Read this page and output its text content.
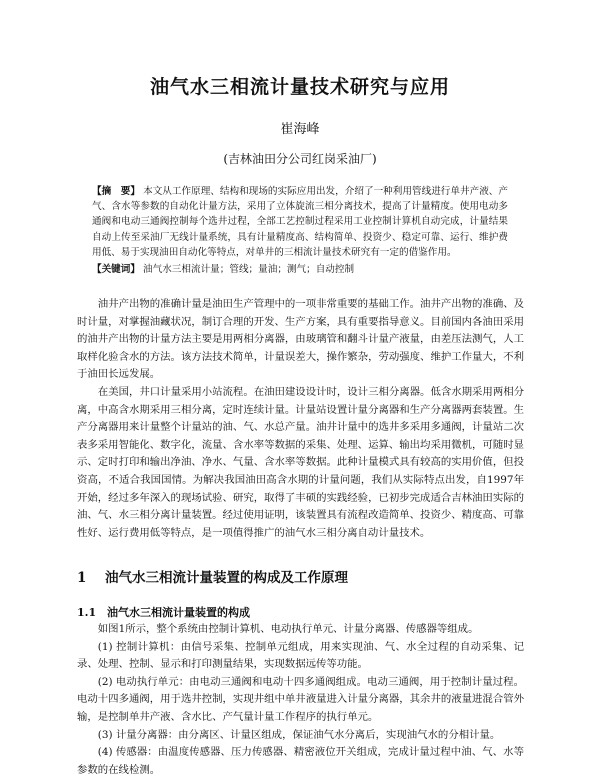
油气水三相流计量技术研究与应用
崔海峰
(吉林油田分公司红岗采油厂)
【摘　要】 本文从工作原理、结构和现场的实际应用出发，介绍了一种利用管线进行单井产液、产气、含水等参数的自动化计量方法，采用了立体旋流三相分离技术，提高了计量精度。使用电动多通阀和电动三通阀控制每个选井过程，全部工艺控制过程采用工业控制计算机自动完成，计量结果自动上传至采油厂无线计量系统，具有计量精度高、结构简单、投资少、稳定可靠、运行、维护费用低、易于实现油田自动化等特点，对单井的三相流计量技术研究有一定的借鉴作用。
【关键词】 油气水三相流计量；管线；量油；测气；自动控制

油井产出物的准确计量是油田生产管理中的一项非常重要的基础工作。油井产出物的准确、及时计量，对掌握油藏状况，制订合理的开发、生产方案，具有重要指导意义。目前国内各油田采用的油井产出物的计量方法主要是用两相分离器，由玻璃管和翻斗计量产液量，由差压法测气，人工取样化验含水的方法。该方法技术简单，计量误差大，操作繁杂，劳动强度、维护工作量大，不利于油田长远发展。

在美国，井口计量采用小站流程。在油田建设设计时，设计三相分离器。低含水期采用两相分离，中高含水期采用三相分离，定时连续计量。计量站设置计量分离器和生产分离器两套装置。生产分离器用来计量整个计量站的油、气、水总产量。油井计量中的选井多采用多通阀，计量站二次表多采用智能化、数字化，流量、含水率等数据的采集、处理、运算、输出均采用微机，可随时显示、定时打印和输出净油、净水、气量、含水率等数据。此种计量模式具有较高的实用价值，但投资高，不适合我国国情。为解决我国油田高含水期的计量问题，我们从实际特点出发，自1997年开始，经过多年深入的现场试验、研究，取得了丰硕的实践经验，已初步完成适合吉林油田实际的油、气、水三相分离计量装置。经过使用证明，该装置具有流程改造简单、投资少、精度高、可靠性好、运行费用低等特点，是一项值得推广的油气水三相分离自动计量技术。

1 油气水三相流计量装置的构成及工作原理
1.1 油气水三相流计量装置的构成

如图1所示，整个系统由控制计算机、电动执行单元、计量分离器、传感器等组成。

(1) 控制计算机：由信号采集、控制单元组成，用来实现油、气、水全过程的自动采集、记录、处理、控制、显示和打印测量结果，实现数据远传等功能。

(2) 电动执行单元：由电动三通阀和电动十四多通阀组成。电动三通阀，用于控制计量过程。电动十四多通阀，用于选井控制，实现井组中单井液量进入计量分离器，其余井的液量进混合管外输，是控制单井产液、含水比、产气量计量工作程序的执行单元。

(3) 计量分离器：由分离区、计量区组成，保证油气水分离后，实现油气水的分相计量。

(4) 传感器：由温度传感器、压力传感器、精密液位开关组成，完成计量过程中油、气、水等参数的在线检测。
